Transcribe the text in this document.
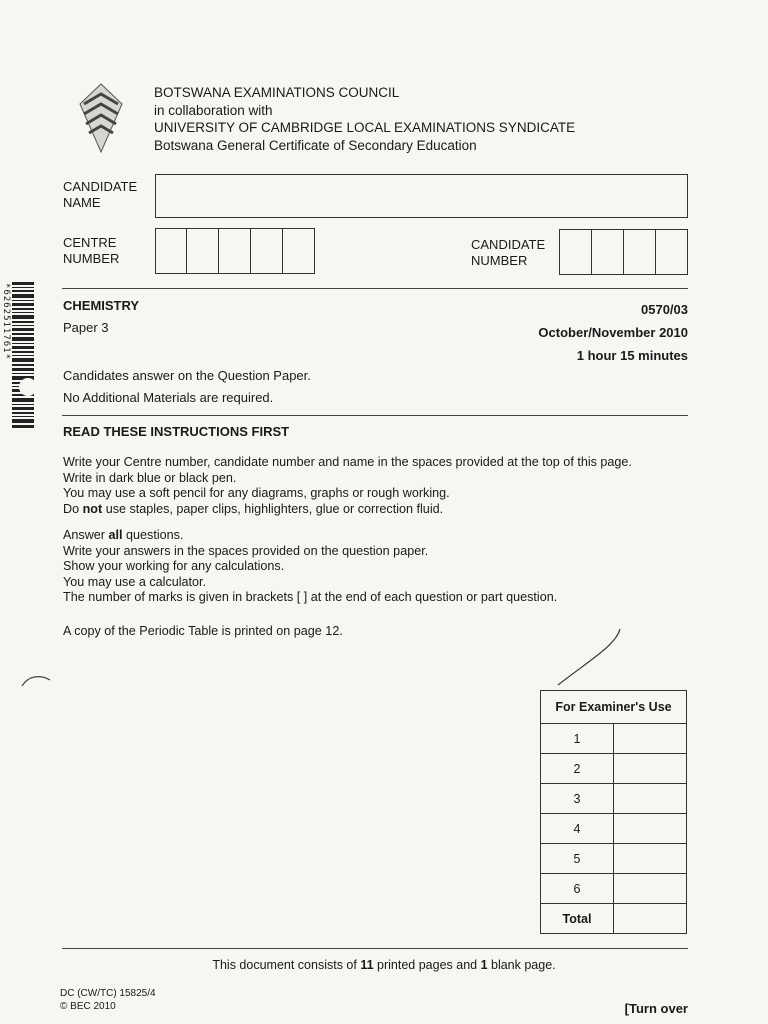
BOTSWANA EXAMINATIONS COUNCIL
in collaboration with
UNIVERSITY OF CAMBRIDGE LOCAL EXAMINATIONS SYNDICATE
Botswana General Certificate of Secondary Education
CANDIDATE
NAME
CENTRE
NUMBER
CANDIDATE
NUMBER
*6262511761*	CHEMISTRY
Paper 3
0570/03
October/November 2010
1 hour 15 minutes
Candidates answer on the Question Paper.
No Additional Materials are required.
READ THESE INSTRUCTIONS FIRST
Write your Centre number, candidate number and name in the spaces provided at the top of this page.
Write in dark blue or black pen.
You may use a soft pencil for any diagrams, graphs or rough working.
Do not use staples, paper clips, highlighters, glue or correction fluid.
Answer all questions.
Write your answers in the spaces provided on the question paper.
Show your working for any calculations.
You may use a calculator.
The number of marks is given in brackets [ ] at the end of each question or part question.
A copy of the Periodic Table is printed on page 12.
For Examiner's Use	
1	
2	
3	
4	
5	
6	
Total	
This document consists of 11 printed pages and 1 blank page.
DC (CW/TC) 15825/4
© BEC 2010	[Turn over
